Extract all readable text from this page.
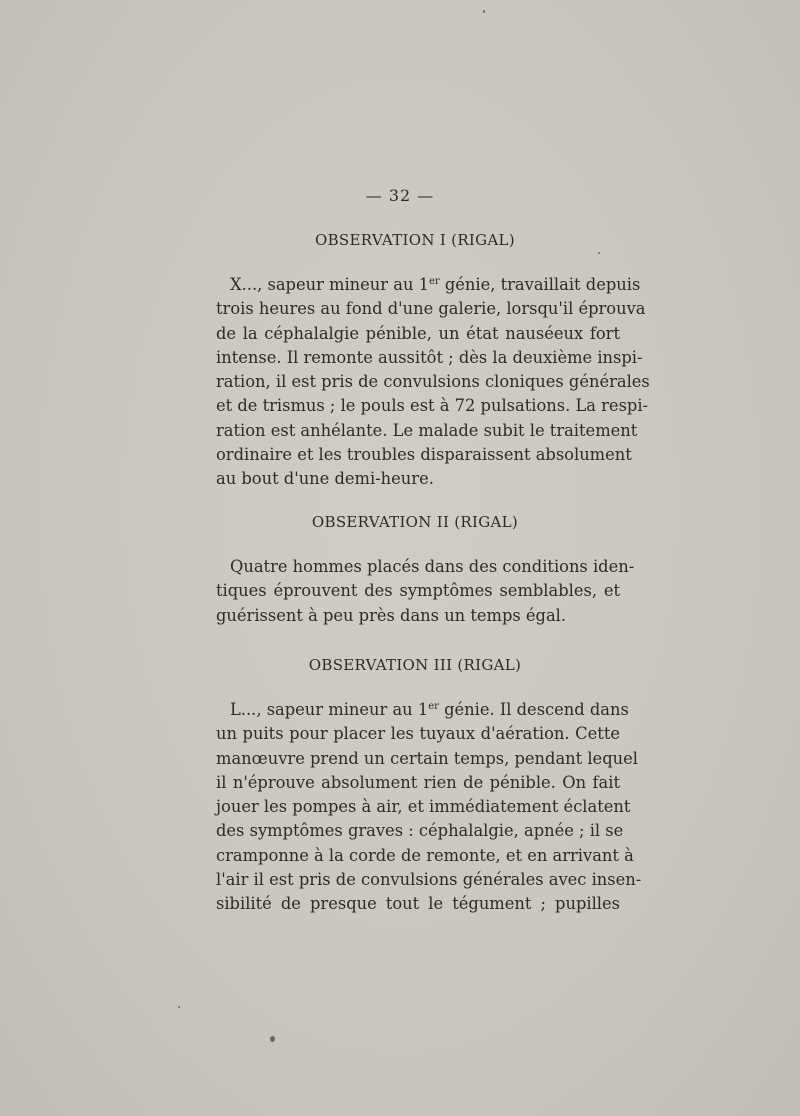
— 32 —
OBSERVATION I (RIGAL)
X..., sapeur mineur au 1er génie, travaillait depuis
trois heures au fond d'une galerie, lorsqu'il éprouva
de la céphalalgie pénible, un état nauséeux fort
intense. Il remonte aussitôt ; dès la deuxième inspi-
ration, il est pris de convulsions cloniques générales
et de trismus ; le pouls est à 72 pulsations. La respi-
ration est anhélante. Le malade subit le traitement
ordinaire et les troubles disparaissent absolument
au bout d'une demi-heure.
OBSERVATION II (RIGAL)
Quatre hommes placés dans des conditions iden-
tiques éprouvent des symptômes semblables, et
guérissent à peu près dans un temps égal.
OBSERVATION III (RIGAL)
L..., sapeur mineur au 1er génie. Il descend dans
un puits pour placer les tuyaux d'aération. Cette
manœuvre prend un certain temps, pendant lequel
il n'éprouve absolument rien de pénible. On fait
jouer les pompes à air, et immédiatement éclatent
des symptômes graves : céphalalgie, apnée ; il se
cramponne à la corde de remonte, et en arrivant à
l'air il est pris de convulsions générales avec insen-
sibilité de presque tout le tégument ; pupilles
